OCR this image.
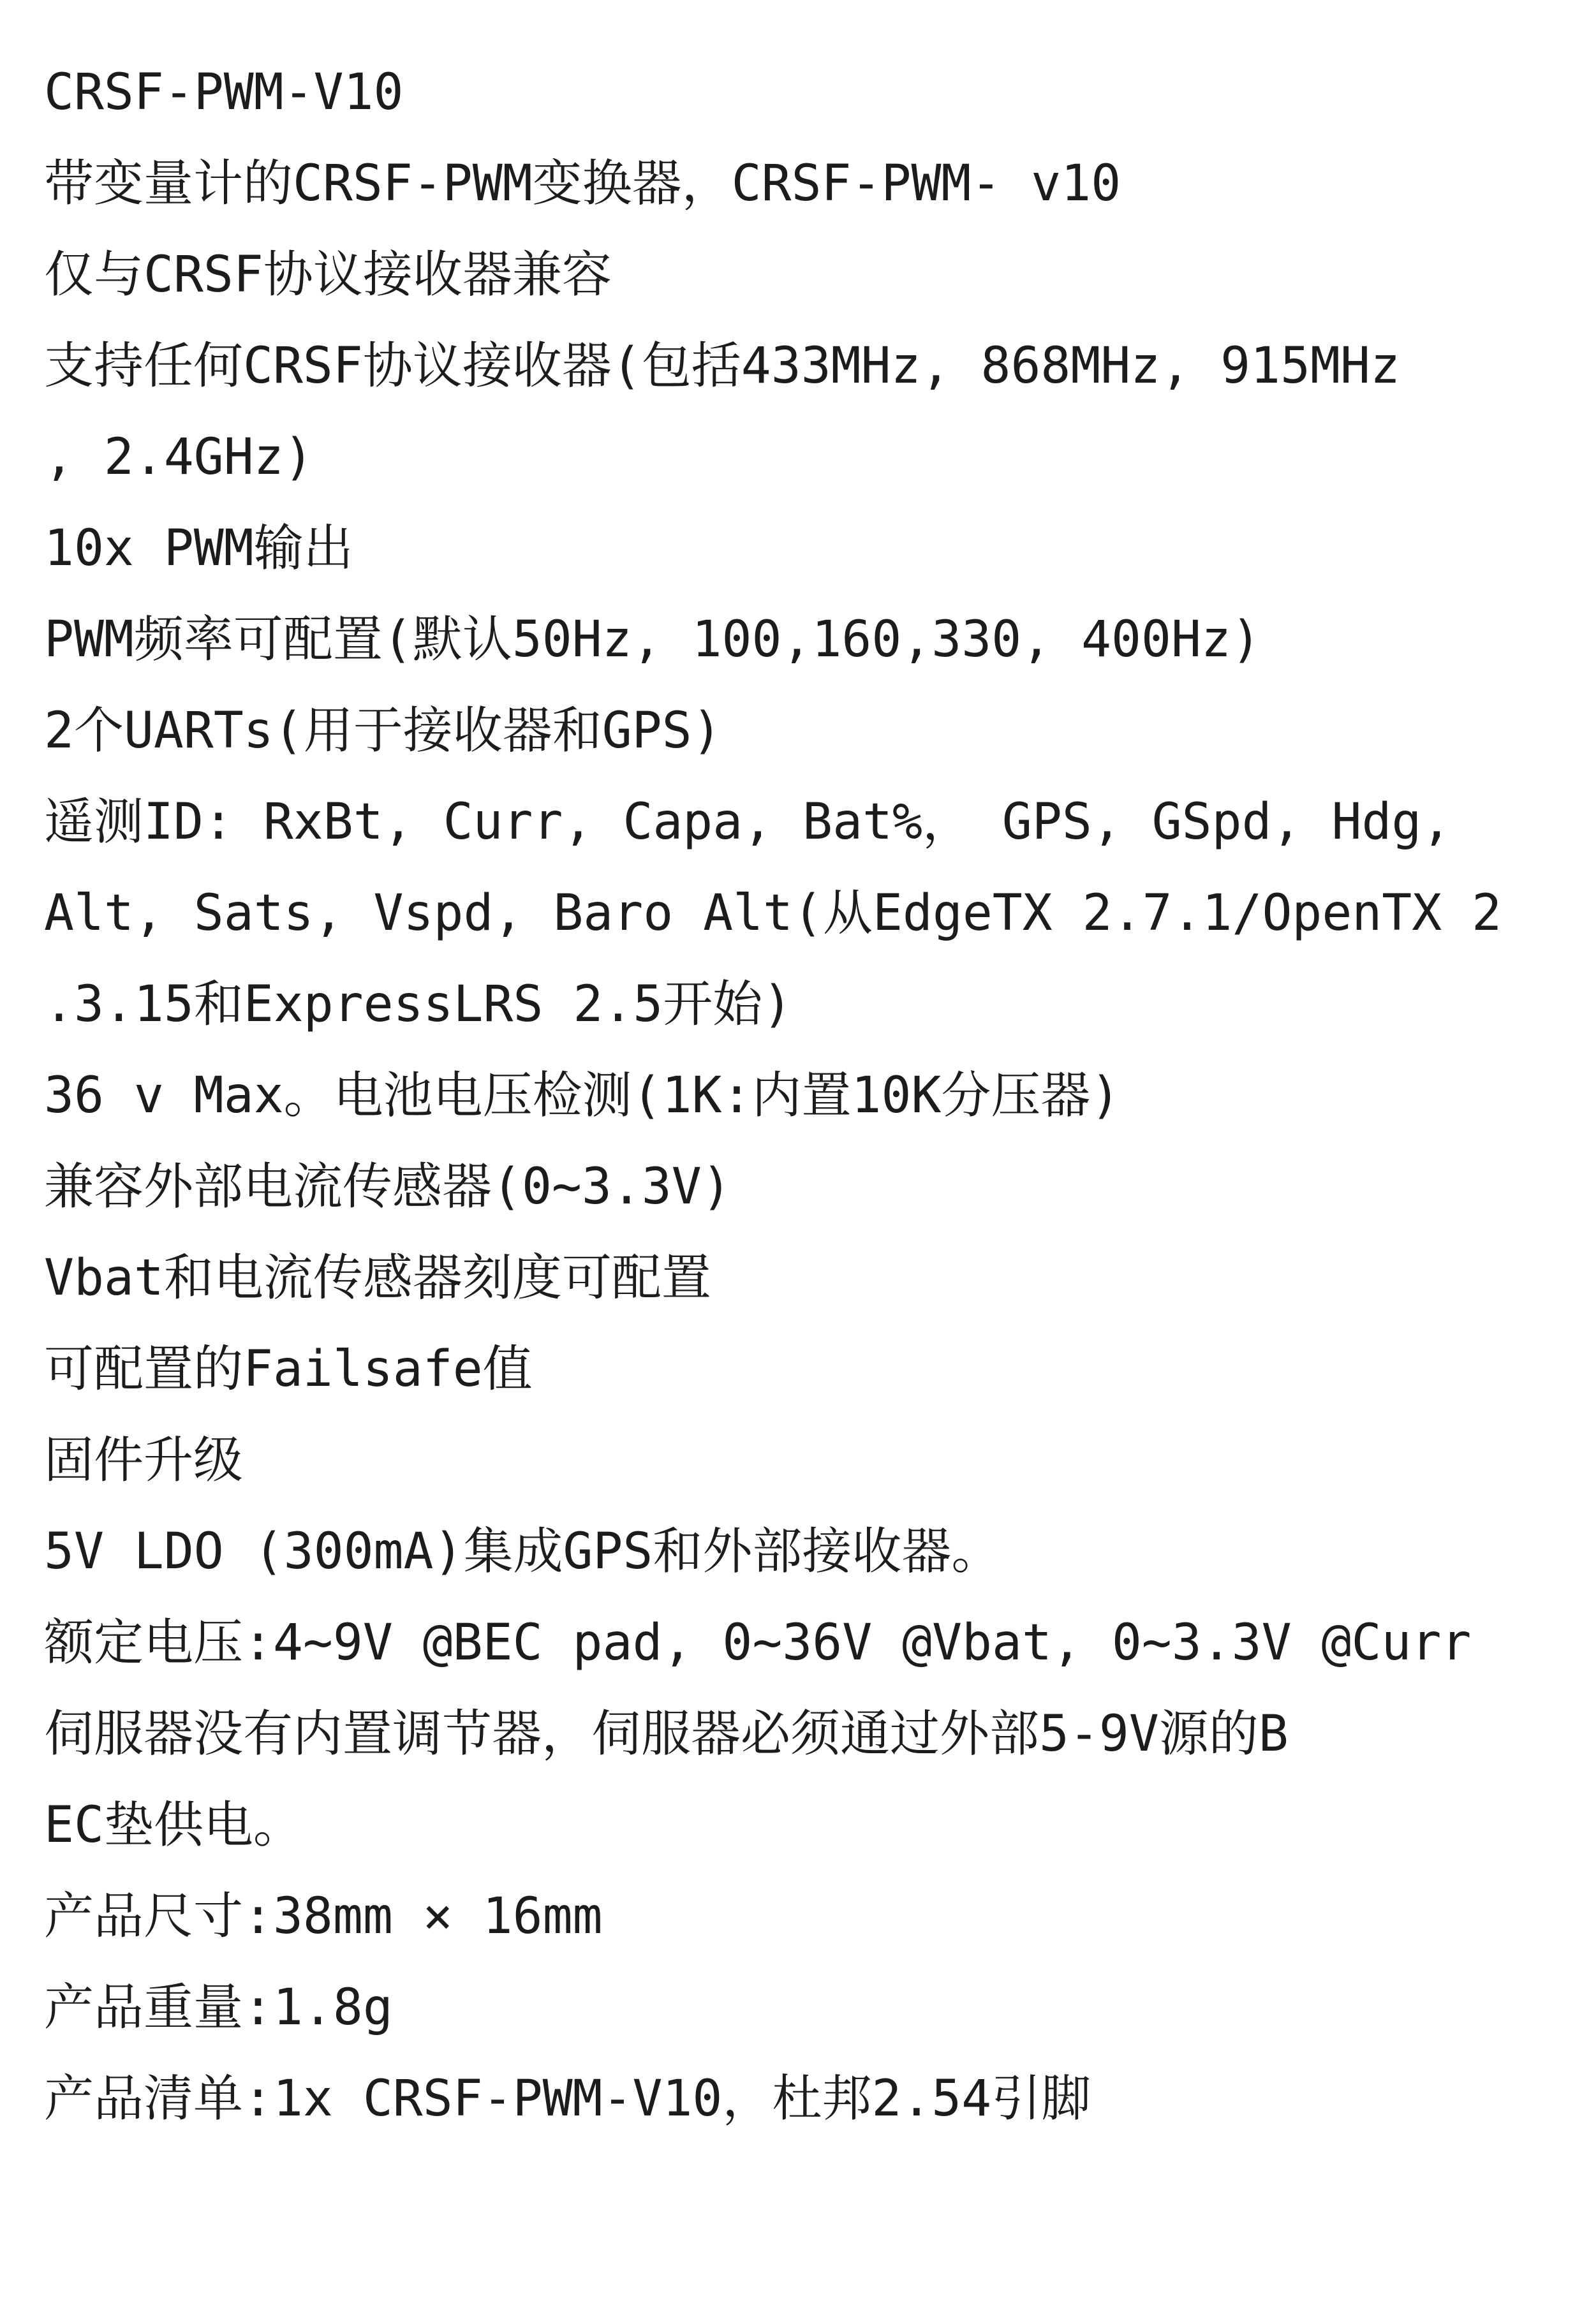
CRSF-PWM-V10
带变量计的CRSF-PWM变换器，CRSF-PWM- v10
仅与CRSF协议接收器兼容
支持任何CRSF协议接收器(包括433MHz, 868MHz, 915MHz
, 2.4GHz)
10x PWM输出
PWM频率可配置(默认50Hz, 100,160,330, 400Hz)
2个UARTs(用于接收器和GPS)
遥测ID: RxBt, Curr, Capa, Bat%， GPS, GSpd, Hdg,
Alt, Sats, Vspd, Baro Alt(从EdgeTX 2.7.1/OpenTX 2
.3.15和ExpressLRS 2.5开始)
36 v Max。电池电压检测(1K:内置10K分压器)
兼容外部电流传感器(0~3.3V)
Vbat和电流传感器刻度可配置
可配置的Failsafe值
固件升级
5V LDO (300mA)集成GPS和外部接收器。
额定电压:4~9V @BEC pad, 0~36V @Vbat, 0~3.3V @Curr
伺服器没有内置调节器，伺服器必须通过外部5-9V源的B
EC垫供电。
产品尺寸:38mm × 16mm
产品重量:1.8g
产品清单:1x CRSF-PWM-V10，杜邦2.54引脚
